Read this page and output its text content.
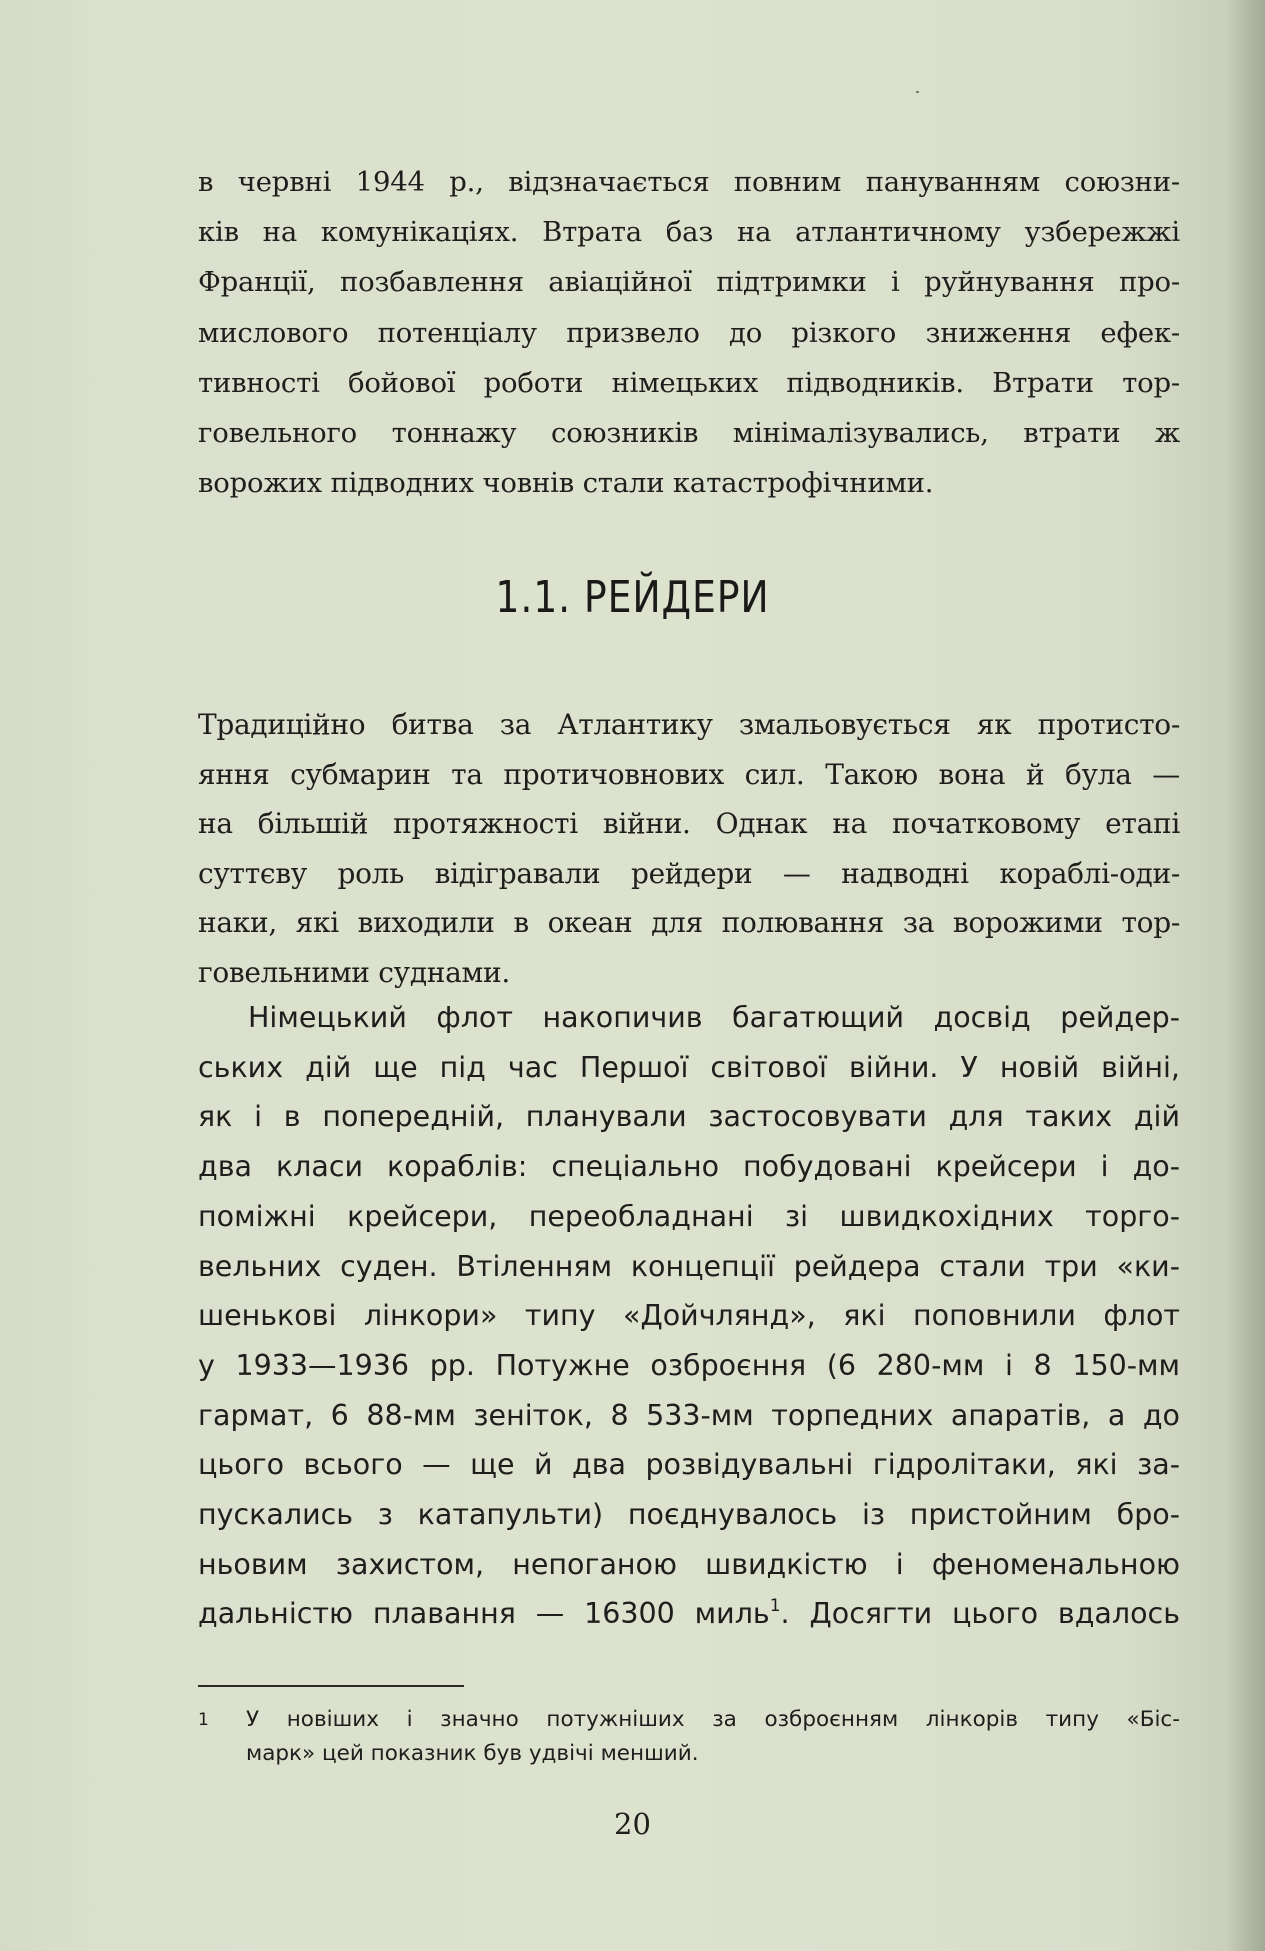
в червні 1944 р., відзначається повним пануванням союзни-
ків на комунікаціях. Втрата баз на атлантичному узбережжі
Франції, позбавлення авіаційної підтримки і руйнування про-
мислового потенціалу призвело до різкого зниження ефек-
тивності бойової роботи німецьких підводників. Втрати тор-
говельного тоннажу союзників мінімалізувались, втрати ж
ворожих підводних човнів стали катастрофічними.

1.1. РЕЙДЕРИ

Традиційно битва за Атлантику змальовується як протисто-
яння субмарин та протичовнових сил. Такою вона й була —
на більшій протяжності війни. Однак на початковому етапі
суттєву роль відігравали рейдери — надводні кораблі-оди-
наки, які виходили в океан для полювання за ворожими тор-
говельними суднами.

Німецький флот накопичив багатющий досвід рейдер-
ських дій ще під час Першої світової війни. У новій війні,
як і в попередній, планували застосовувати для таких дій
два класи кораблів: спеціально побудовані крейсери і до-
поміжні крейсери, переобладнані зі швидкохідних торго-
вельних суден. Втіленням концепції рейдера стали три «ки-
шенькові лінкори» типу «Дойчлянд», які поповнили флот
у 1933—1936 рр. Потужне озброєння (6 280-мм і 8 150-мм
гармат, 6 88-мм зеніток, 8 533-мм торпедних апаратів, а до
цього всього — ще й два розвідувальні гідролітаки, які за-
пускались з катапульти) поєднувалось із пристойним бро-
ньовим захистом, непоганою швидкістю і феноменальною
дальністю плавання — 16300 миль$^1$. Досягти цього вдалось

1 У новіших і значно потужніших за озброєнням лінкорів типу «Біс-
марк» цей показник був удвічі менший.
20
